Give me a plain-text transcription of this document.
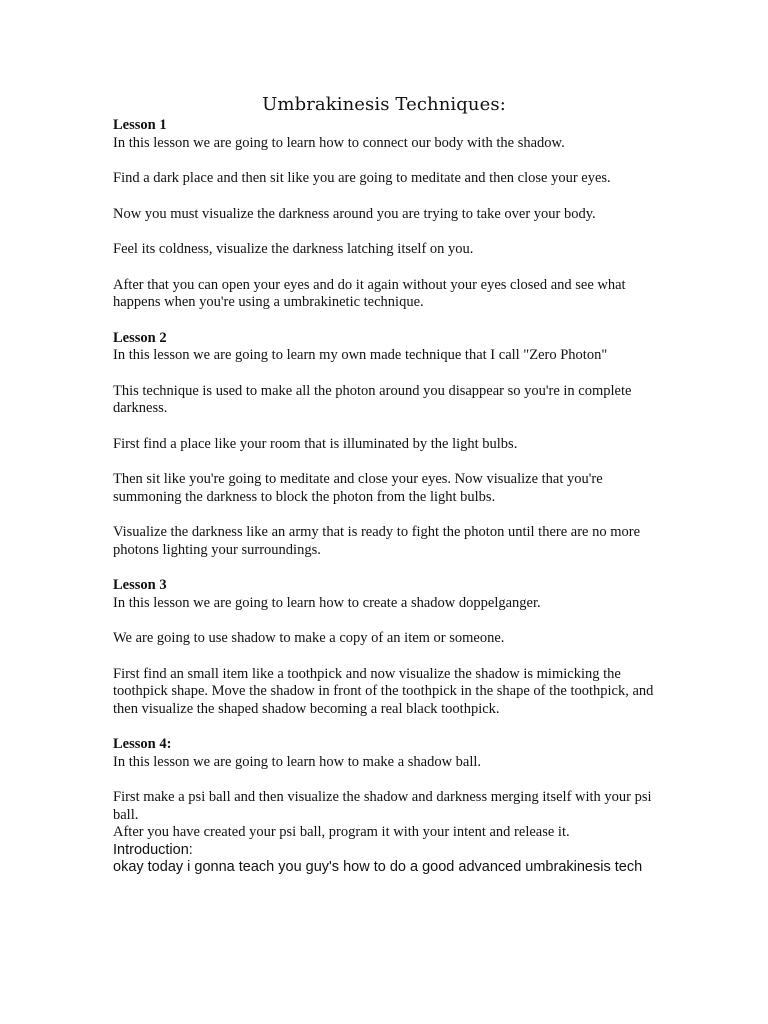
Umbrakinesis Techniques:

Lesson 1

In this lesson we are going to learn how to connect our body with the shadow.

Find a dark place and then sit like you are going to meditate and then close your eyes.

Now you must visualize the darkness around you are trying to take over your body.

Feel its coldness, visualize the darkness latching itself on you.

After that you can open your eyes and do it again without your eyes closed and see what happens when you're using a umbrakinetic technique.

Lesson 2

In this lesson we are going to learn my own made technique that I call "Zero Photon"

This technique is used to make all the photon around you disappear so you're in complete darkness.

First find a place like your room that is illuminated by the light bulbs.

Then sit like you're going to meditate and close your eyes. Now visualize that you're summoning the darkness to block the photon from the light bulbs.

Visualize the darkness like an army that is ready to fight the photon until there are no more photons lighting your surroundings.

Lesson 3

In this lesson we are going to learn how to create a shadow doppelganger.

We are going to use shadow to make a copy of an item or someone.

First find an small item like a toothpick and now visualize the shadow is mimicking the toothpick shape. Move the shadow in front of the toothpick in the shape of the toothpick, and then visualize the shaped shadow becoming a real black toothpick.

Lesson 4:

In this lesson we are going to learn how to make a shadow ball.

First make a psi ball and then visualize the shadow and darkness merging itself with your psi ball.

After you have created your psi ball, program it with your intent and release it.

Introduction:

okay today i gonna teach you guy's how to do a good advanced umbrakinesis tech
